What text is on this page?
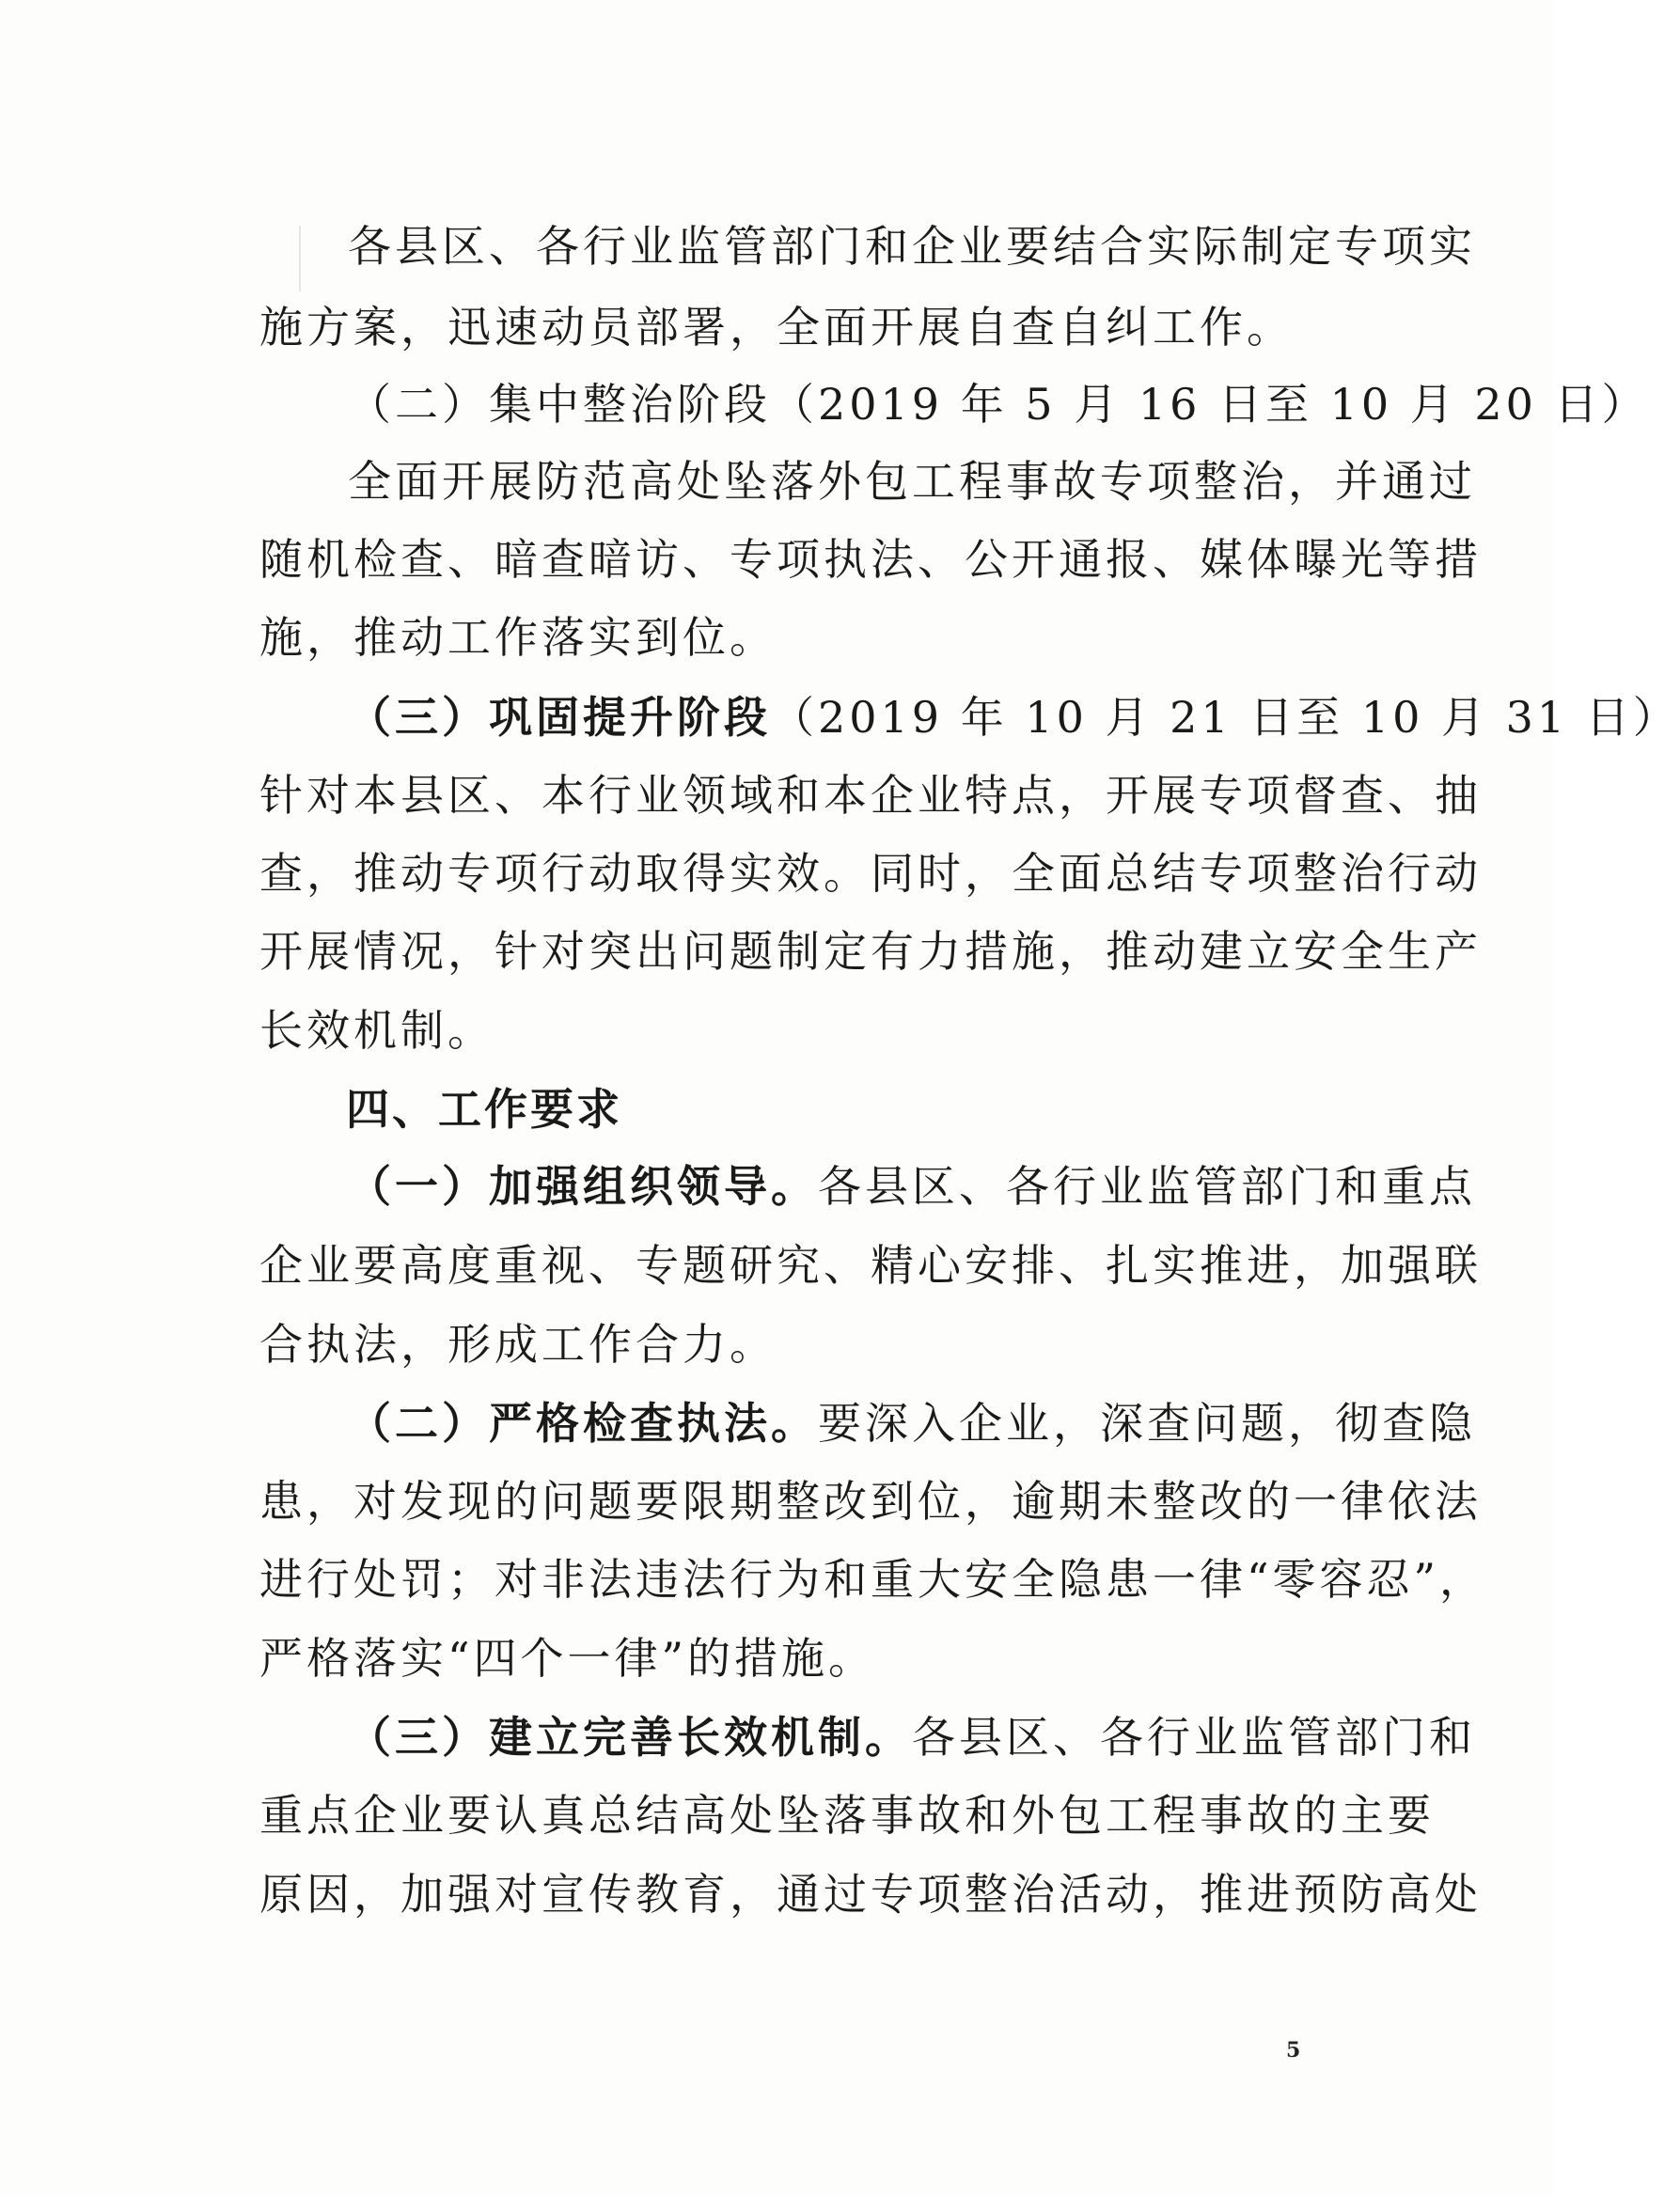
各县区、各行业监管部门和企业要结合实际制定专项实
施方案，迅速动员部署，全面开展自查自纠工作。
（二）集中整治阶段（2019 年 5 月 16 日至 10 月 20 日）
全面开展防范高处坠落外包工程事故专项整治，并通过
随机检查、暗查暗访、专项执法、公开通报、媒体曝光等措
施，推动工作落实到位。
（三）巩固提升阶段（2019 年 10 月 21 日至 10 月 31 日）
针对本县区、本行业领域和本企业特点，开展专项督查、抽
查，推动专项行动取得实效。同时，全面总结专项整治行动
开展情况，针对突出问题制定有力措施，推动建立安全生产
长效机制。
四、工作要求
（一）加强组织领导。各县区、各行业监管部门和重点
企业要高度重视、专题研究、精心安排、扎实推进，加强联
合执法，形成工作合力。
（二）严格检查执法。要深入企业，深查问题，彻查隐
患，对发现的问题要限期整改到位，逾期未整改的一律依法
进行处罚；对非法违法行为和重大安全隐患一律“零容忍”，
严格落实“四个一律”的措施。
（三）建立完善长效机制。各县区、各行业监管部门和
重点企业要认真总结高处坠落事故和外包工程事故的主要
原因，加强对宣传教育，通过专项整治活动，推进预防高处
5
